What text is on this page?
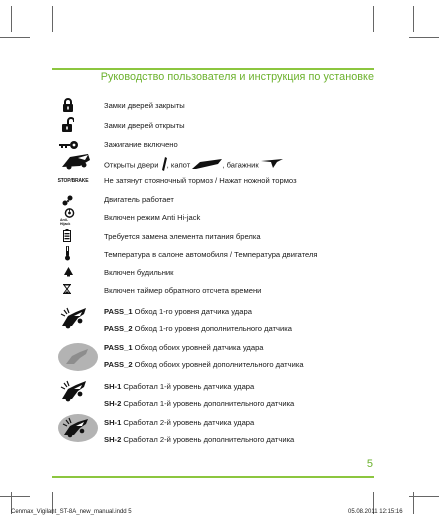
Руководство пользователя и инструкция по установке
Замки дверей закрыты
Замки дверей открыты
Зажигание включено
Открыты двери , капот	, багажник
STOP/BRAKE Не затянут стояночный тормоз / Нажат ножной тормоз
Двигатель работает
Anti-Hijack
Включен режим Anti Hi-jack
Требуется замена элемента питания брелка
Температура в салоне автомобиля / Температура двигателя
Включен будильник
Включен таймер обратного отсчета времени
PASS_1 Обход 1-го уровня датчика удара
PASS_2 Обход 1-го уровня дополнительного датчика
PASS_1 Обход обоих уровней датчика удара
PASS_2 Обход обоих уровней дополнительного датчика
SH-1 Сработал 1-й уровень датчика удара
SH-2 Сработал 1-й уровень дополнительного датчика
SH-1 Сработал 2-й уровень датчика удара
SH-2 Сработал 2-й уровень дополнительного датчика
5
Cenmax_Vigilant_ST-8A_new_manual.indd 5	05.08.2011 12:15:16
